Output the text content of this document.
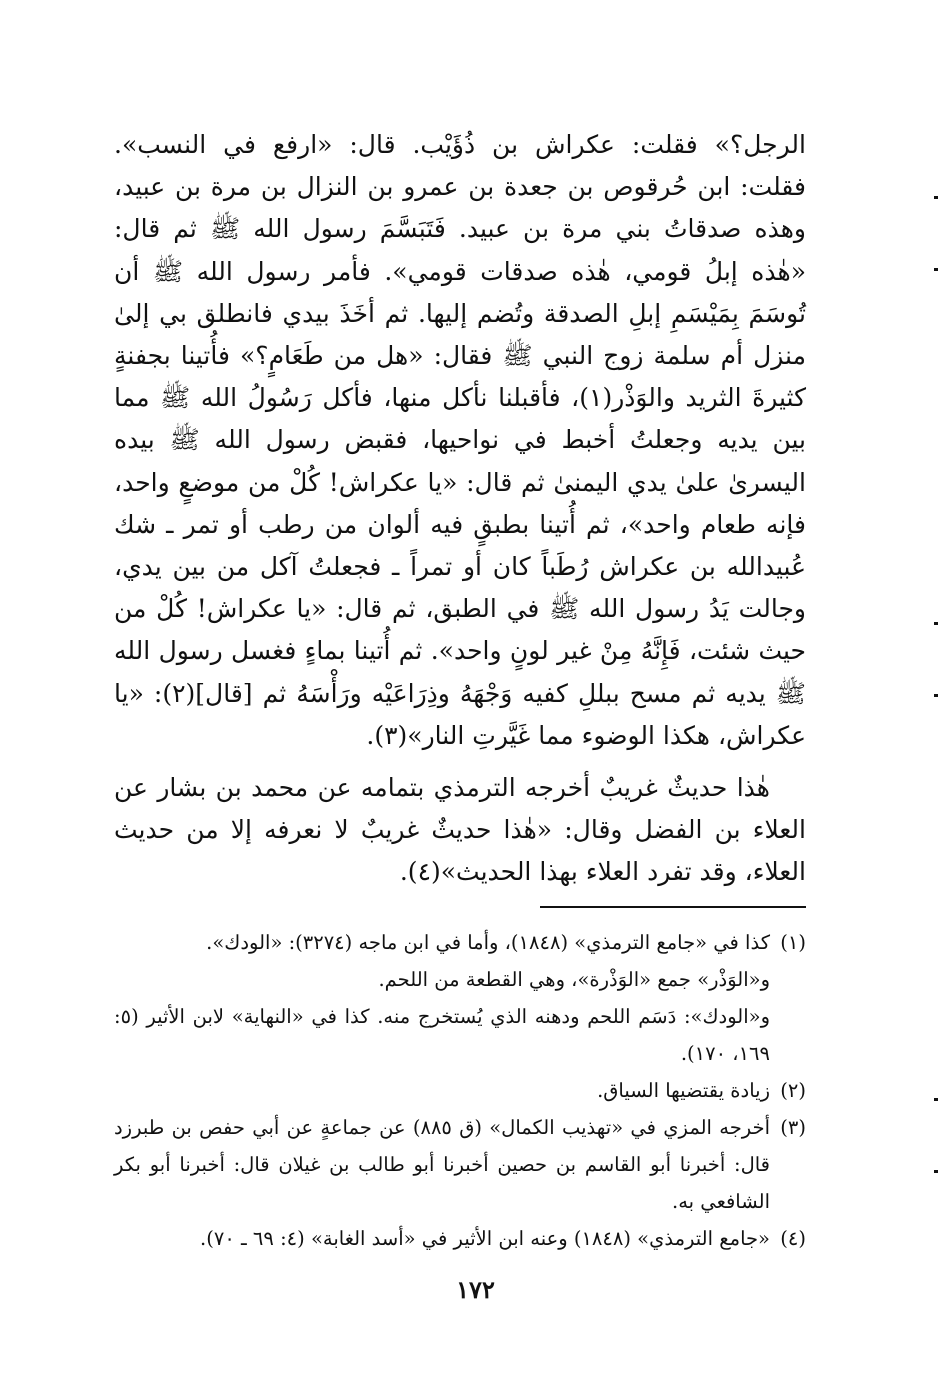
الرجل؟» فقلت: عكراش بن ذُؤَيْب. قال: «ارفع في النسب». فقلت: ابن حُرقوص بن جعدة بن عمرو بن النزال بن مرة بن عبيد، وهذه صدقاتُ بني مرة بن عبيد. فَتَبَسَّمَ رسول الله ﷺ ثم قال: «هٰذه إبلُ قومي، هٰذه صدقات قومي». فأمر رسول الله ﷺ أن تُوسَمَ بِمَيْسَمِ إبلِ الصدقة وتُضم إليها. ثم أخَذَ بيدي فانطلق بي إلىٰ منزل أم سلمة زوج النبي ﷺ فقال: «هل من طَعَامٍ؟» فأُتينا بجفنةٍ كثيرةَ الثريد والوَذْر(١)، فأقبلنا نأكل منها، فأكل رَسُولُ الله ﷺ مما بين يديه وجعلتُ أخبط في نواحيها، فقبض رسول الله ﷺ بيده اليسرىٰ علىٰ يدي اليمنىٰ ثم قال: «يا عكراش! كُلْ من موضعٍ واحد، فإنه طعام واحد»، ثم أُتينا بطبقٍ فيه ألوان من رطب أو تمر ـ شك عُبيدالله بن عكراش رُطَباً كان أو تمراً ـ فجعلتُ آكل من بين يدي، وجالت يَدُ رسول الله ﷺ في الطبق، ثم قال: «يا عكراش! كُلْ من حيث شئت، فَإِنَّهُ مِنْ غير لونٍ واحد». ثم أُتينا بماءٍ فغسل رسول الله ﷺ يديه ثم مسح ببللِ كفيه وَجْهَهُ وذِرَاعَيْه ورَأْسَهُ ثم [قال](٢): «يا عكراش، هكذا الوضوء مما غَيَّرتِ النار»(٣).

هٰذا حديثٌ غريبٌ أخرجه الترمذي بتمامه عن محمد بن بشار عن العلاء بن الفضل وقال: «هٰذا حديثٌ غريبٌ لا نعرفه إلا من حديث العلاء، وقد تفرد العلاء بهذا الحديث»(٤).

(١)
كذا في «جامع الترمذي» (١٨٤٨)، وأما في ابن ماجه (٣٢٧٤): «الودك».
و«الوَذْر» جمع «الوَذْرة»، وهي القطعة من اللحم.
و«الودك»: دَسَم اللحم ودهنه الذي يُستخرج منه. كذا في «النهاية» لابن الأثير (٥: ١٦٩، ١٧٠).
(٢)
زيادة يقتضيها السياق.
(٣)
أخرجه المزي في «تهذيب الكمال» (ق ٨٨٥) عن جماعةٍ عن أبي حفص بن طبرزد قال: أخبرنا أبو القاسم بن حصين أخبرنا أبو طالب بن غيلان قال: أخبرنا أبو بكر الشافعي به.
(٤)
«جامع الترمذي» (١٨٤٨) وعنه ابن الأثير في «أسد الغابة» (٤: ٦٩ ـ ٧٠).
١٧٢
